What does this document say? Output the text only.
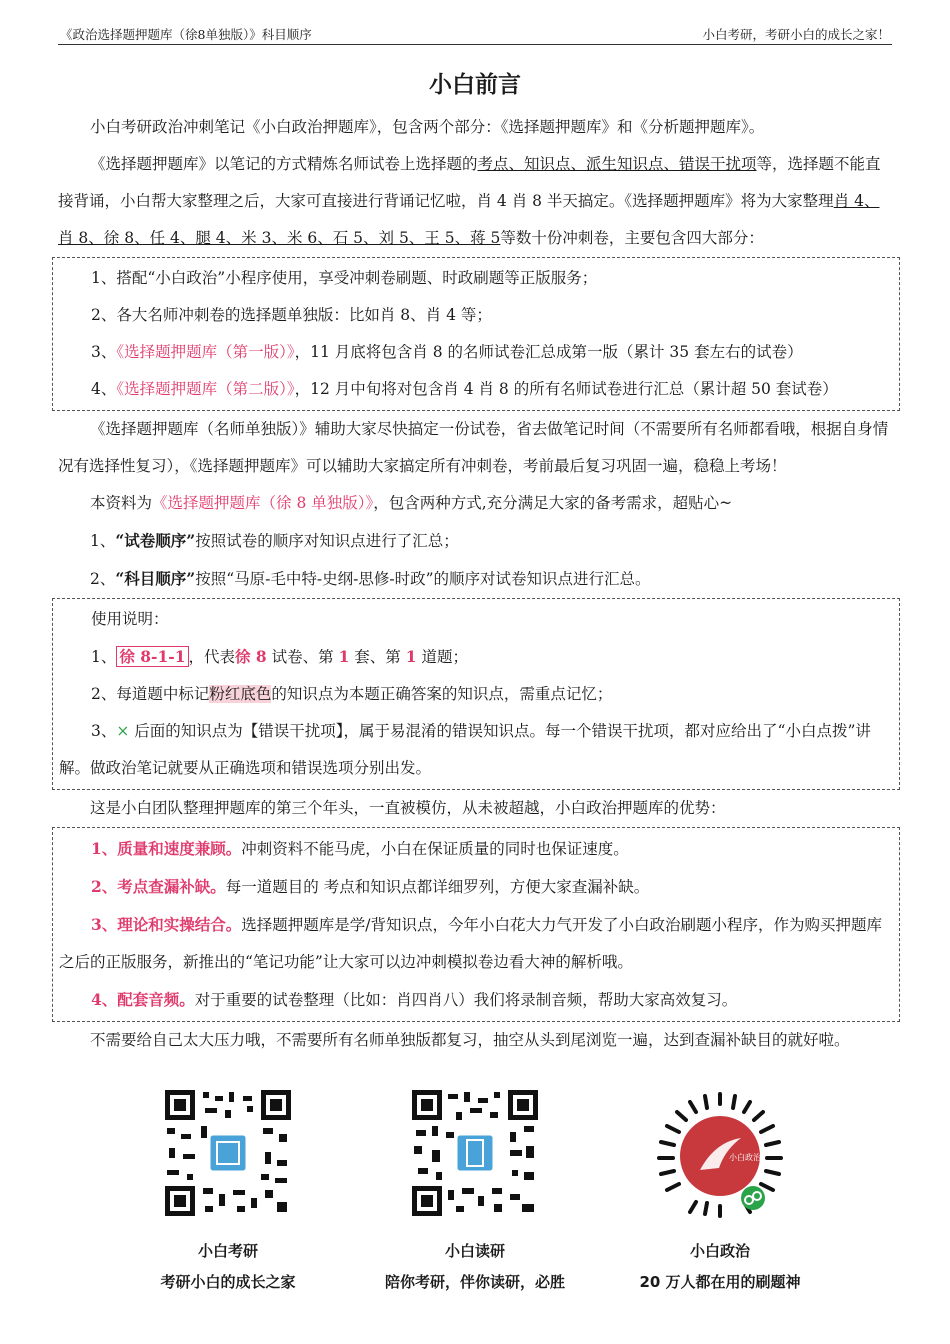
《政治选择题押题库（徐8单独版）》科目顺序	小白考研，考研小白的成长之家！
小白前言

小白考研政治冲刺笔记《小白政治押题库》，包含两个部分：《选择题押题库》和《分析题押题库》。

《选择题押题库》以笔记的方式精炼名师试卷上选择题的考点、知识点、派生知识点、错误干扰项等，选择题不能直接背诵，小白帮大家整理之后，大家可直接进行背诵记忆啦，肖 4 肖 8 半天搞定。《选择题押题库》将为大家整理肖 4、肖 8、徐 8、任 4、腿 4、米 3、米 6、石 5、刘 5、王 5、蒋 5等数十份冲刺卷，主要包含四大部分：

1、搭配“小白政治”小程序使用，享受冲刺卷刷题、时政刷题等正版服务；

2、各大名师冲刺卷的选择题单独版：比如肖 8、肖 4 等；

3、《选择题押题库（第一版）》，11 月底将包含肖 8 的名师试卷汇总成第一版（累计 35 套左右的试卷）

4、《选择题押题库（第二版）》，12 月中旬将对包含肖 4 肖 8 的所有名师试卷进行汇总（累计超 50 套试卷）

《选择题押题库（名师单独版）》辅助大家尽快搞定一份试卷，省去做笔记时间（不需要所有名师都看哦，根据自身情况有选择性复习），《选择题押题库》可以辅助大家搞定所有冲刺卷，考前最后复习巩固一遍，稳稳上考场！

本资料为《选择题押题库（徐 8 单独版）》，包含两种方式,充分满足大家的备考需求，超贴心~

1、“试卷顺序”按照试卷的顺序对知识点进行了汇总；

2、“科目顺序”按照“马原-毛中特-史纲-思修-时政”的顺序对试卷知识点进行汇总。

使用说明：

1、 徐 8-1-1 ，代表徐 8 试卷、第 1 套、第 1 道题；

2、每道题中标记粉红底色的知识点为本题正确答案的知识点，需重点记忆；

3、× 后面的知识点为【错误干扰项】，属于易混淆的错误知识点。每一个错误干扰项，都对应给出了“小白点拨”讲解。做政治笔记就要从正确选项和错误选项分别出发。

这是小白团队整理押题库的第三个年头，一直被模仿，从未被超越，小白政治押题库的优势：

1、质量和速度兼顾。冲刺资料不能马虎，小白在保证质量的同时也保证速度。

2、考点查漏补缺。每一道题目的 考点和知识点都详细罗列，方便大家查漏补缺。

3、理论和实操结合。选择题押题库是学/背知识点，今年小白花大力气开发了小白政治刷题小程序，作为购买押题库之后的正版服务，新推出的“笔记功能”让大家可以边冲刺模拟卷边看大神的解析哦。

4、配套音频。对于重要的试卷整理（比如：肖四肖八）我们将录制音频，帮助大家高效复习。

不需要给自己太大压力哦，不需要所有名师单独版都复习，抽空从头到尾浏览一遍，达到查漏补缺目的就好啦。

小白考研
考研小白的成长之家
小白读研
陪你考研，伴你读研，必胜
小白政治
小白政治
20 万人都在用的刷题神
